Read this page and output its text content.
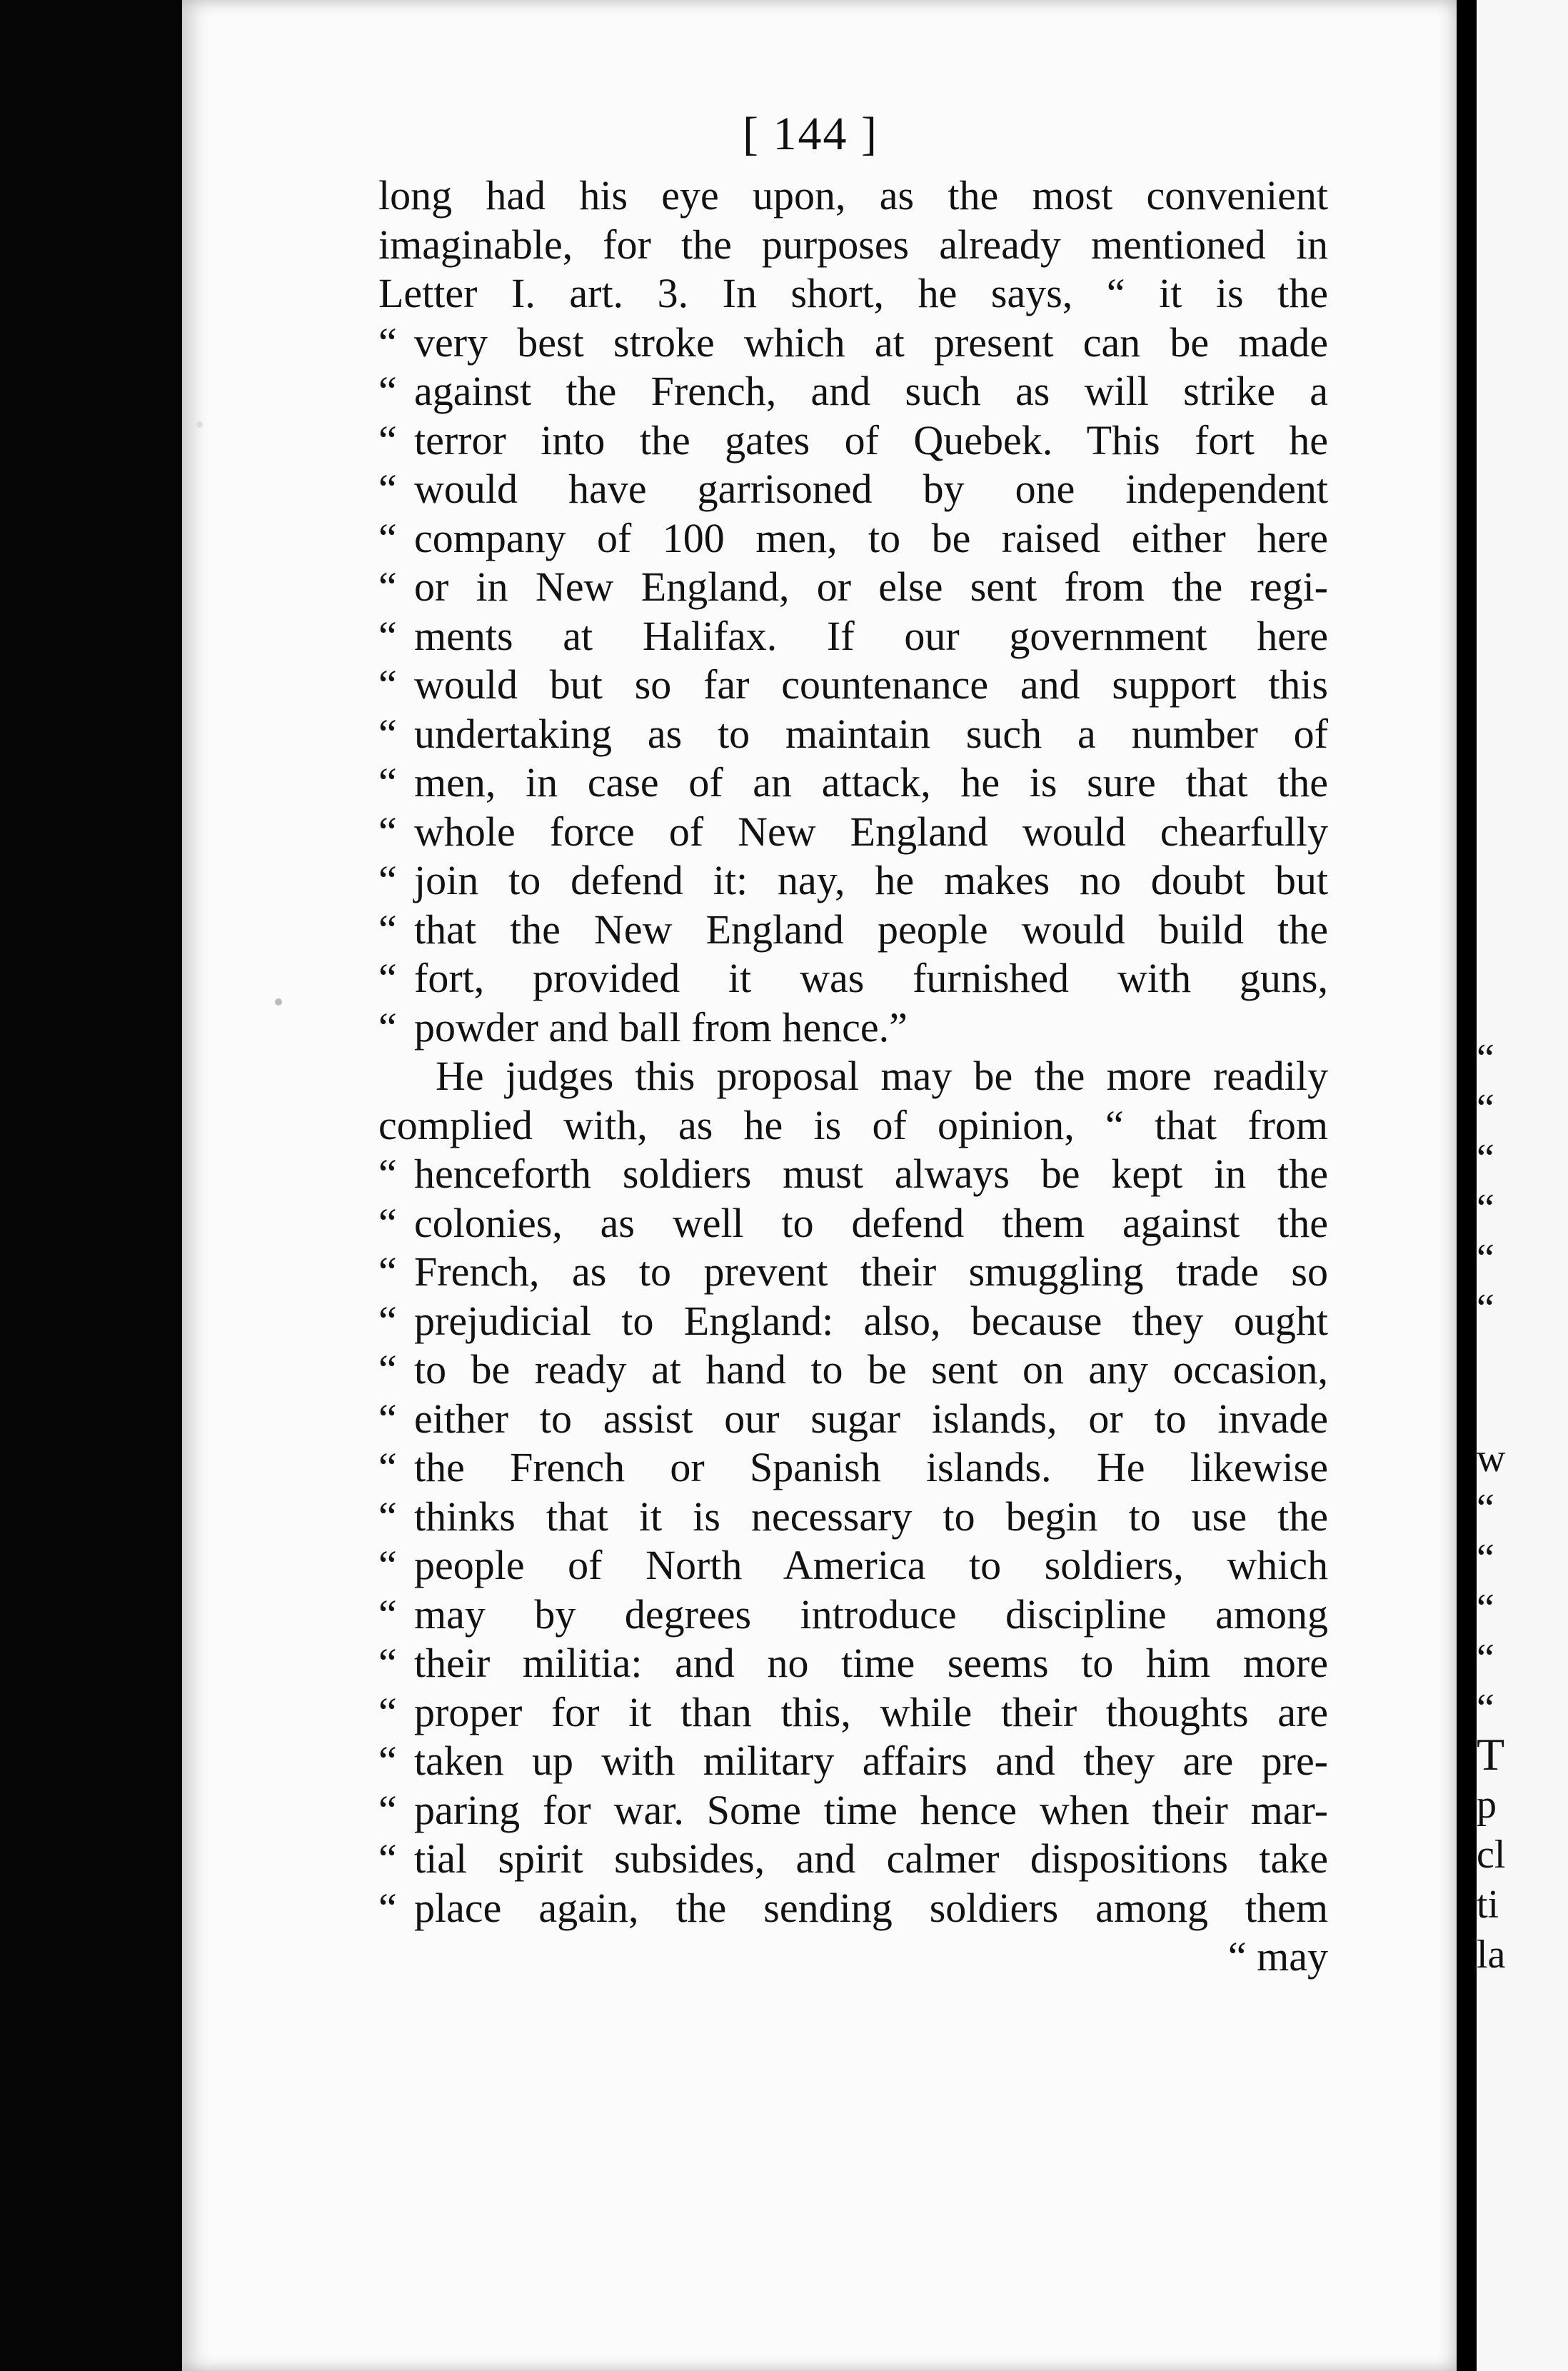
[ 144 ]
long had his eye upon, as the most convenient
imaginable, for the purposes already mentioned in
Letter I. art. 3. In short, he says, “ it is the
“ very best stroke which at present can be made
“ against the French, and such as will strike a
“ terror into the gates of Quebek. This fort he
“ would have garrisoned by one independent
“ company of 100 men, to be raised either here
“ or in New England, or else sent from the regi-
“ ments at Halifax. If our government here
“ would but so far countenance and support this
“ undertaking as to maintain such a number of
“ men, in case of an attack, he is sure that the
“ whole force of New England would chearfully
“ join to defend it: nay, he makes no doubt but
“ that the New England people would build the
“ fort, provided it was furnished with guns,
“ powder and ball from hence.”
He judges this proposal may be the more readily
complied with, as he is of opinion, “ that from
“ henceforth soldiers must always be kept in the
“ colonies, as well to defend them against the
“ French, as to prevent their smuggling trade so
“ prejudicial to England: also, because they ought
“ to be ready at hand to be sent on any occasion,
“ either to assist our sugar islands, or to invade
“ the French or Spanish islands. He likewise
“ thinks that it is necessary to begin to use the
“ people of North America to soldiers, which
“ may by degrees introduce discipline among
“ their militia: and no time seems to him more
“ proper for it than this, while their thoughts are
“ taken up with military affairs and they are pre-
“ paring for war. Some time hence when their mar-
“ tial spirit subsides, and calmer dispositions take
“ place again, the sending soldiers among them
“ may
“
“
“
“
“
“
w
“
“
“
“
“
T
p
cl
ti
la
